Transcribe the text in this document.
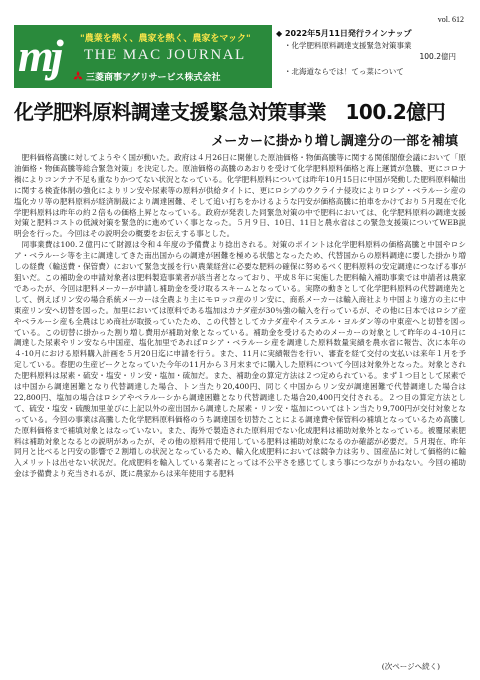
vol. 612
mj "農業を熱く、農家を熱く、農家をマック"
THE MAC JOURNAL
三菱商事アグリサービス株式会社
◆ 2022年5月11日発行ラインナップ
・化学肥料原料調達支援緊急対策事業
100.2億円
・北海道ならでは！てっ菜について
化学肥料原料調達支援緊急対策事業　100.2億円
メーカーに掛かり増し調達分の一部を補填

肥料価格高騰に対してようやく国が動いた。政府は４月26日に開催した原油価格・物価高騰等に関する関係閣僚会議において「原油価格・物価高騰等総合緊急対策」を決定した。原油価格の高騰のあおりを受けて化学肥料原料価格と海上運賃が急騰、更にコロナ禍によりコンテナ不足も重なりかつてない状況となっている。化学肥料原料については昨年10月15日に中国が発動した肥料原料輸出に関する検査体制の強化によりリン安や尿素等の原料が供給タイトに、更にロシアのウクライナ侵攻によりロシア・ベラルーシ産の塩化カリ等の肥料原料が経済制裁により調達困難、そして追い打ちをかけるような円安が価格高騰に拍車をかけており５月現在で化学肥料原料は昨年の約２倍もの価格上昇となっている。政府が発表した同緊急対策の中で肥料においては、化学肥料原料の調達支援対策と肥料コストの低減対策を緊急的に進めていく事となった。５月９日、10日、11日と農水省はこの緊急支援策についてWEB説明会を行った。今回はその説明会の概要をお伝えする事とした。

同事業費は100.２億円にて財源は令和４年度の予備費より捻出される。対策のポイントは化学肥料原料の価格高騰と中国やロシア・ベラルーシ等を主に調達してきた南出国からの調達が困難を極める状態となったため、代替国からの原料調達に要した掛かり増しの経費（輸送費・保管費）において緊急支援を行い農業経営に必要な肥料の確保に努めるべく肥料原料の安定調達につなげる事が狙いだ。この補助金の申請対象者は肥料製造事業者が該当者となっており、平成８年に実施した肥料輸入補助事業では申請者は農家であったが、今回は肥料メーカーが申請し補助金を受け取るスキームとなっている。実際の動きとして化学肥料原料の代替調達先として、例えばリン安の場合系統メーカーは全農より主にモロッコ産のリン安に、商系メーカーは輸入商社より中国より遠方の主に中東産リン安へ切替を図った。加里においては原料である塩加はカナダ産が30％強の輸入を行っているが、その他に日本ではロシア産やベラルーシ産も全農はじめ商社が取扱っていたため、この代替としてカナダ産やイスラエル・ヨルダン等の中東産へと切替を図っている。この切替に掛かった割り増し費用が補助対象となっている。補助金を受けるためのメーカーの対象として昨年の４-10月に調達した尿素やリン安なら中国産、塩化加里であればロシア・ベラルーシ産を調達した原料数量実績を農水省に報告、次に本年の４-10月における原料購入計画を５月20日迄に申請を行う。また、11月に実績報告を行い、審査を経て交付の支払いは来年１月を予定している。春肥の生産ピークとなっていた今年の11月から３月末までに購入した原料について今回は対象外となった。対象とされた肥料原料は尿素・硫安・塩安・リン安・塩加・硫加だ。また、補助金の算定方法は２つ定められている。まず１つ目として尿素では中国から調達困難となり代替調達した場合、トン当たり20,400円、同じく中国からリン安が調達困難で代替調達した場合は22,800円、塩加の場合はロシアやベラルーシから調達困難となり代替調達した場合20,400円交付される。２つ目の算定方法として、硫安・塩安・硫酸加里並びに上記以外の産出国から調達した尿素・リン安・塩加についてはトン当たり9,700円が交付対象となっている。今回の事業は高騰した化学肥料原料価格のうち調達国を切替たことによる調達費や保管料の補填となっているため高騰した原料価格まで補填対象とはなっていない。また、海外で製造された原料用でない化成肥料は補助対象外となっている。被覆尿素肥料は補助対象となるとの説明があったが、その他の原料用で使用している肥料は補助対象になるのか確認が必要だ。５月現在、昨年同月と比べると円安の影響で２割増しの状況となっているため、輸入化成肥料においては競争力は劣り、国産品に対して価格的に輸入メリットは出せない状況だ。化成肥料を輸入している業者にとっては不公平さを感じてしまう事につながりかねない。今回の補助金は予備費より充当されるが、既に農家からは来年使用する肥料

(次ページへ続く)
